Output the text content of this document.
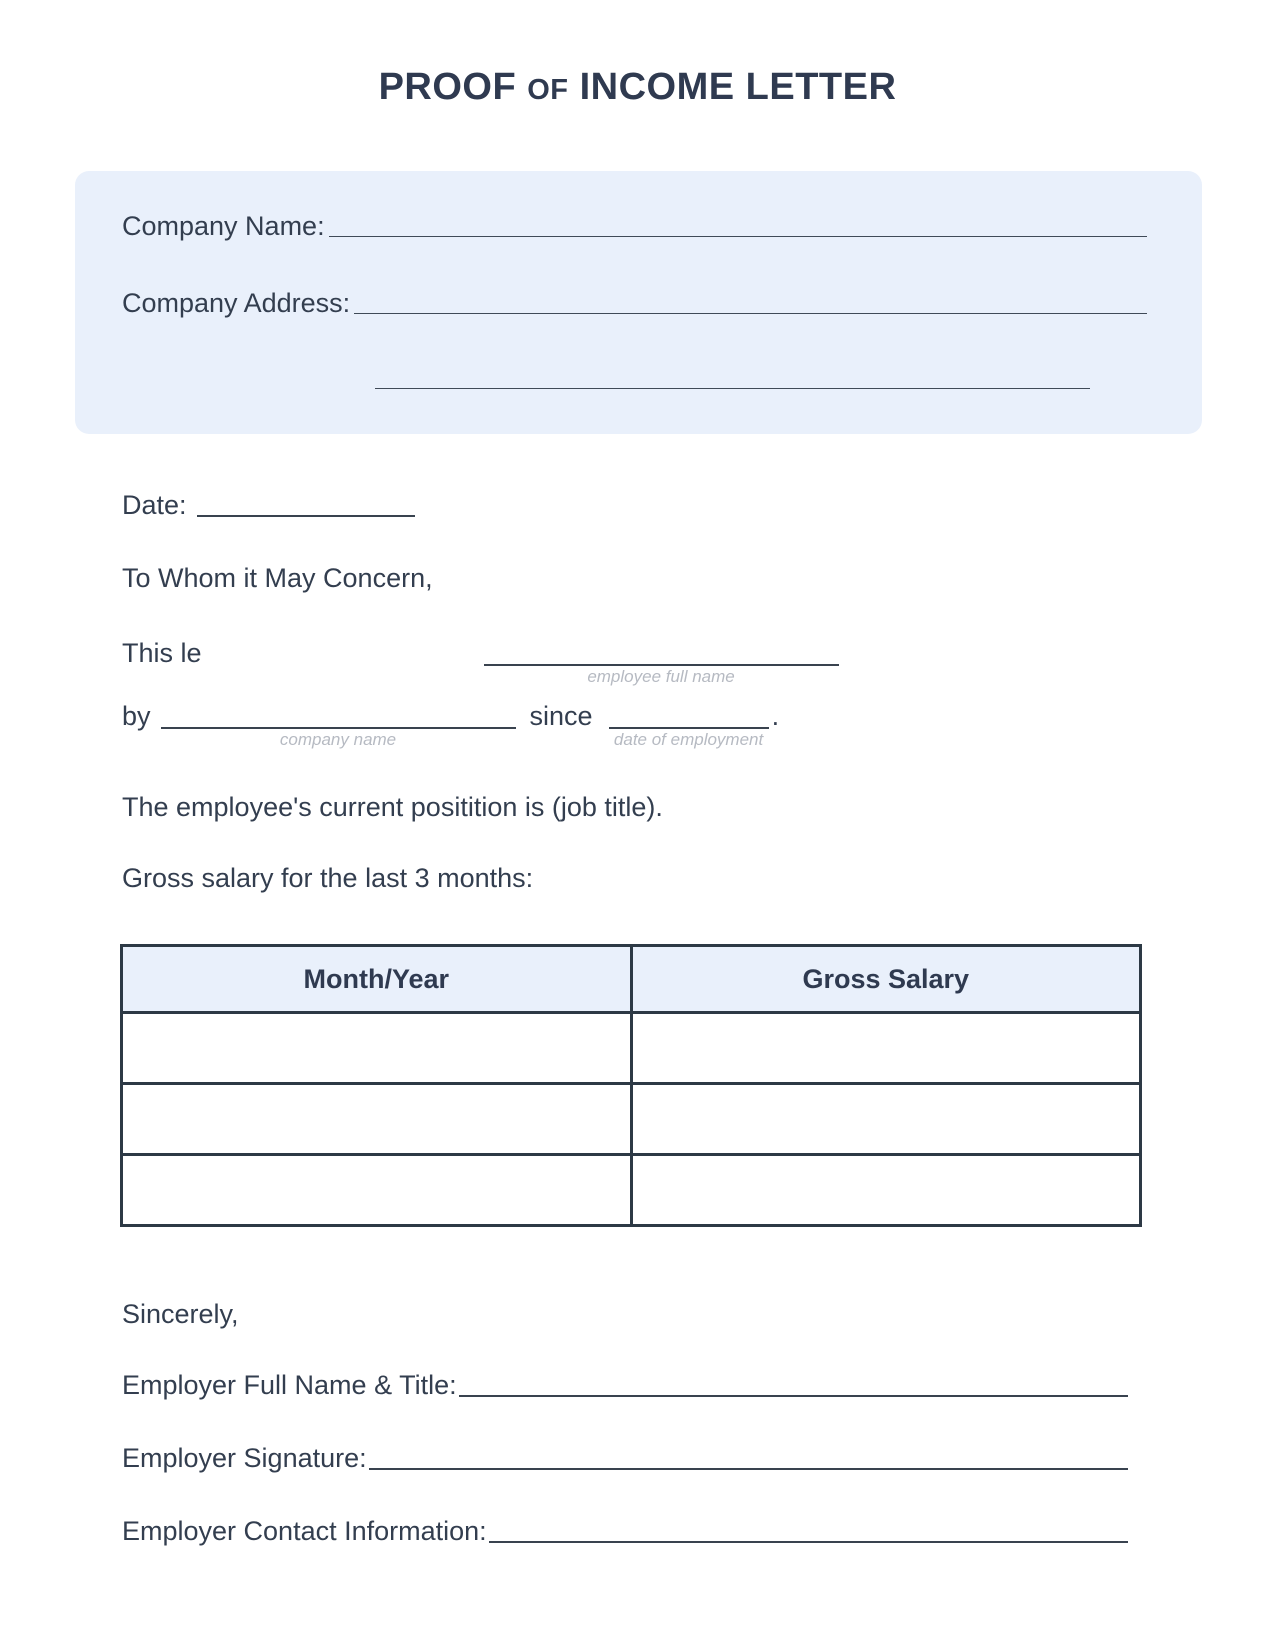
PROOF OF INCOME LETTER
Company Name:
Company Address:
Date:
To Whom it May Concern,
This le
employee full name
by
company name
since
date of employment
.
The employee's current positition is (job title).
Gross salary for the last 3 months:
Month/Year	Gross Salary

Sincerely,
Employer Full Name & Title:
Employer Signature:
Employer Contact Information:
